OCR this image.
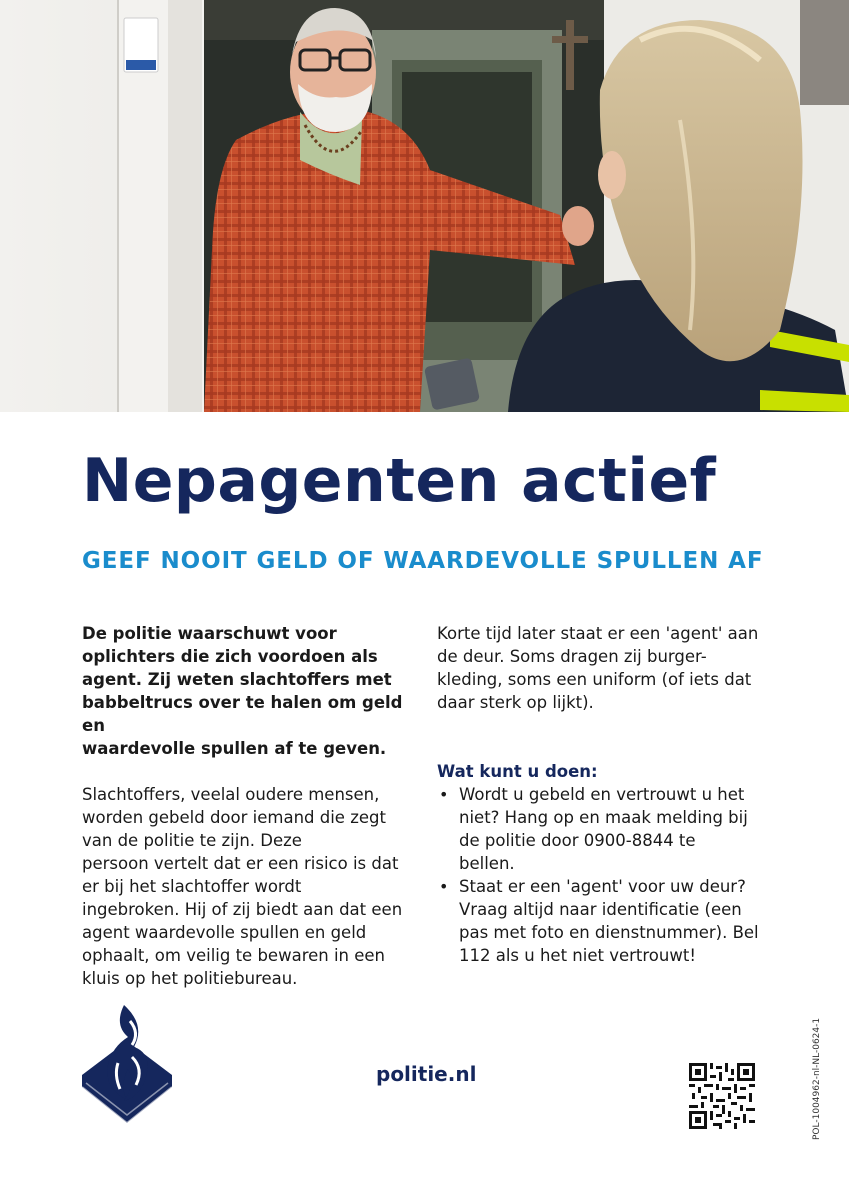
Nepagenten actief
GEEF NOOIT GELD OF WAARDEVOLLE SPULLEN AF

De politie waarschuwt voor
oplichters die zich voordoen als
agent. Zij weten slachtoffers met
babbeltrucs over te halen om geld en
waardevolle spullen af te geven.

Slachtoffers, veelal oudere mensen,
worden gebeld door iemand die zegt
van de politie te zijn. Deze
persoon vertelt dat er een risico is dat
er bij het slachtoffer wordt
ingebroken. Hij of zij biedt aan dat een
agent waardevolle spullen en geld
ophaalt, om veilig te bewaren in een
kluis op het politiebureau.

Korte tijd later staat er een 'agent' aan
de deur. Soms dragen zij burger-
kleding, soms een uniform (of iets dat
daar sterk op lijkt).

Wat kunt u doen:

• Wordt u gebeld en vertrouwt u het
niet? Hang op en maak melding bij
de politie door 0900-8844 te
bellen.
• Staat er een 'agent' voor uw deur?
Vraag altijd naar identificatie (een
pas met foto en dienstnummer). Bel
112 als u het niet vertrouwt!
politie.nl	POL-1004962-nl-NL-0624-1
